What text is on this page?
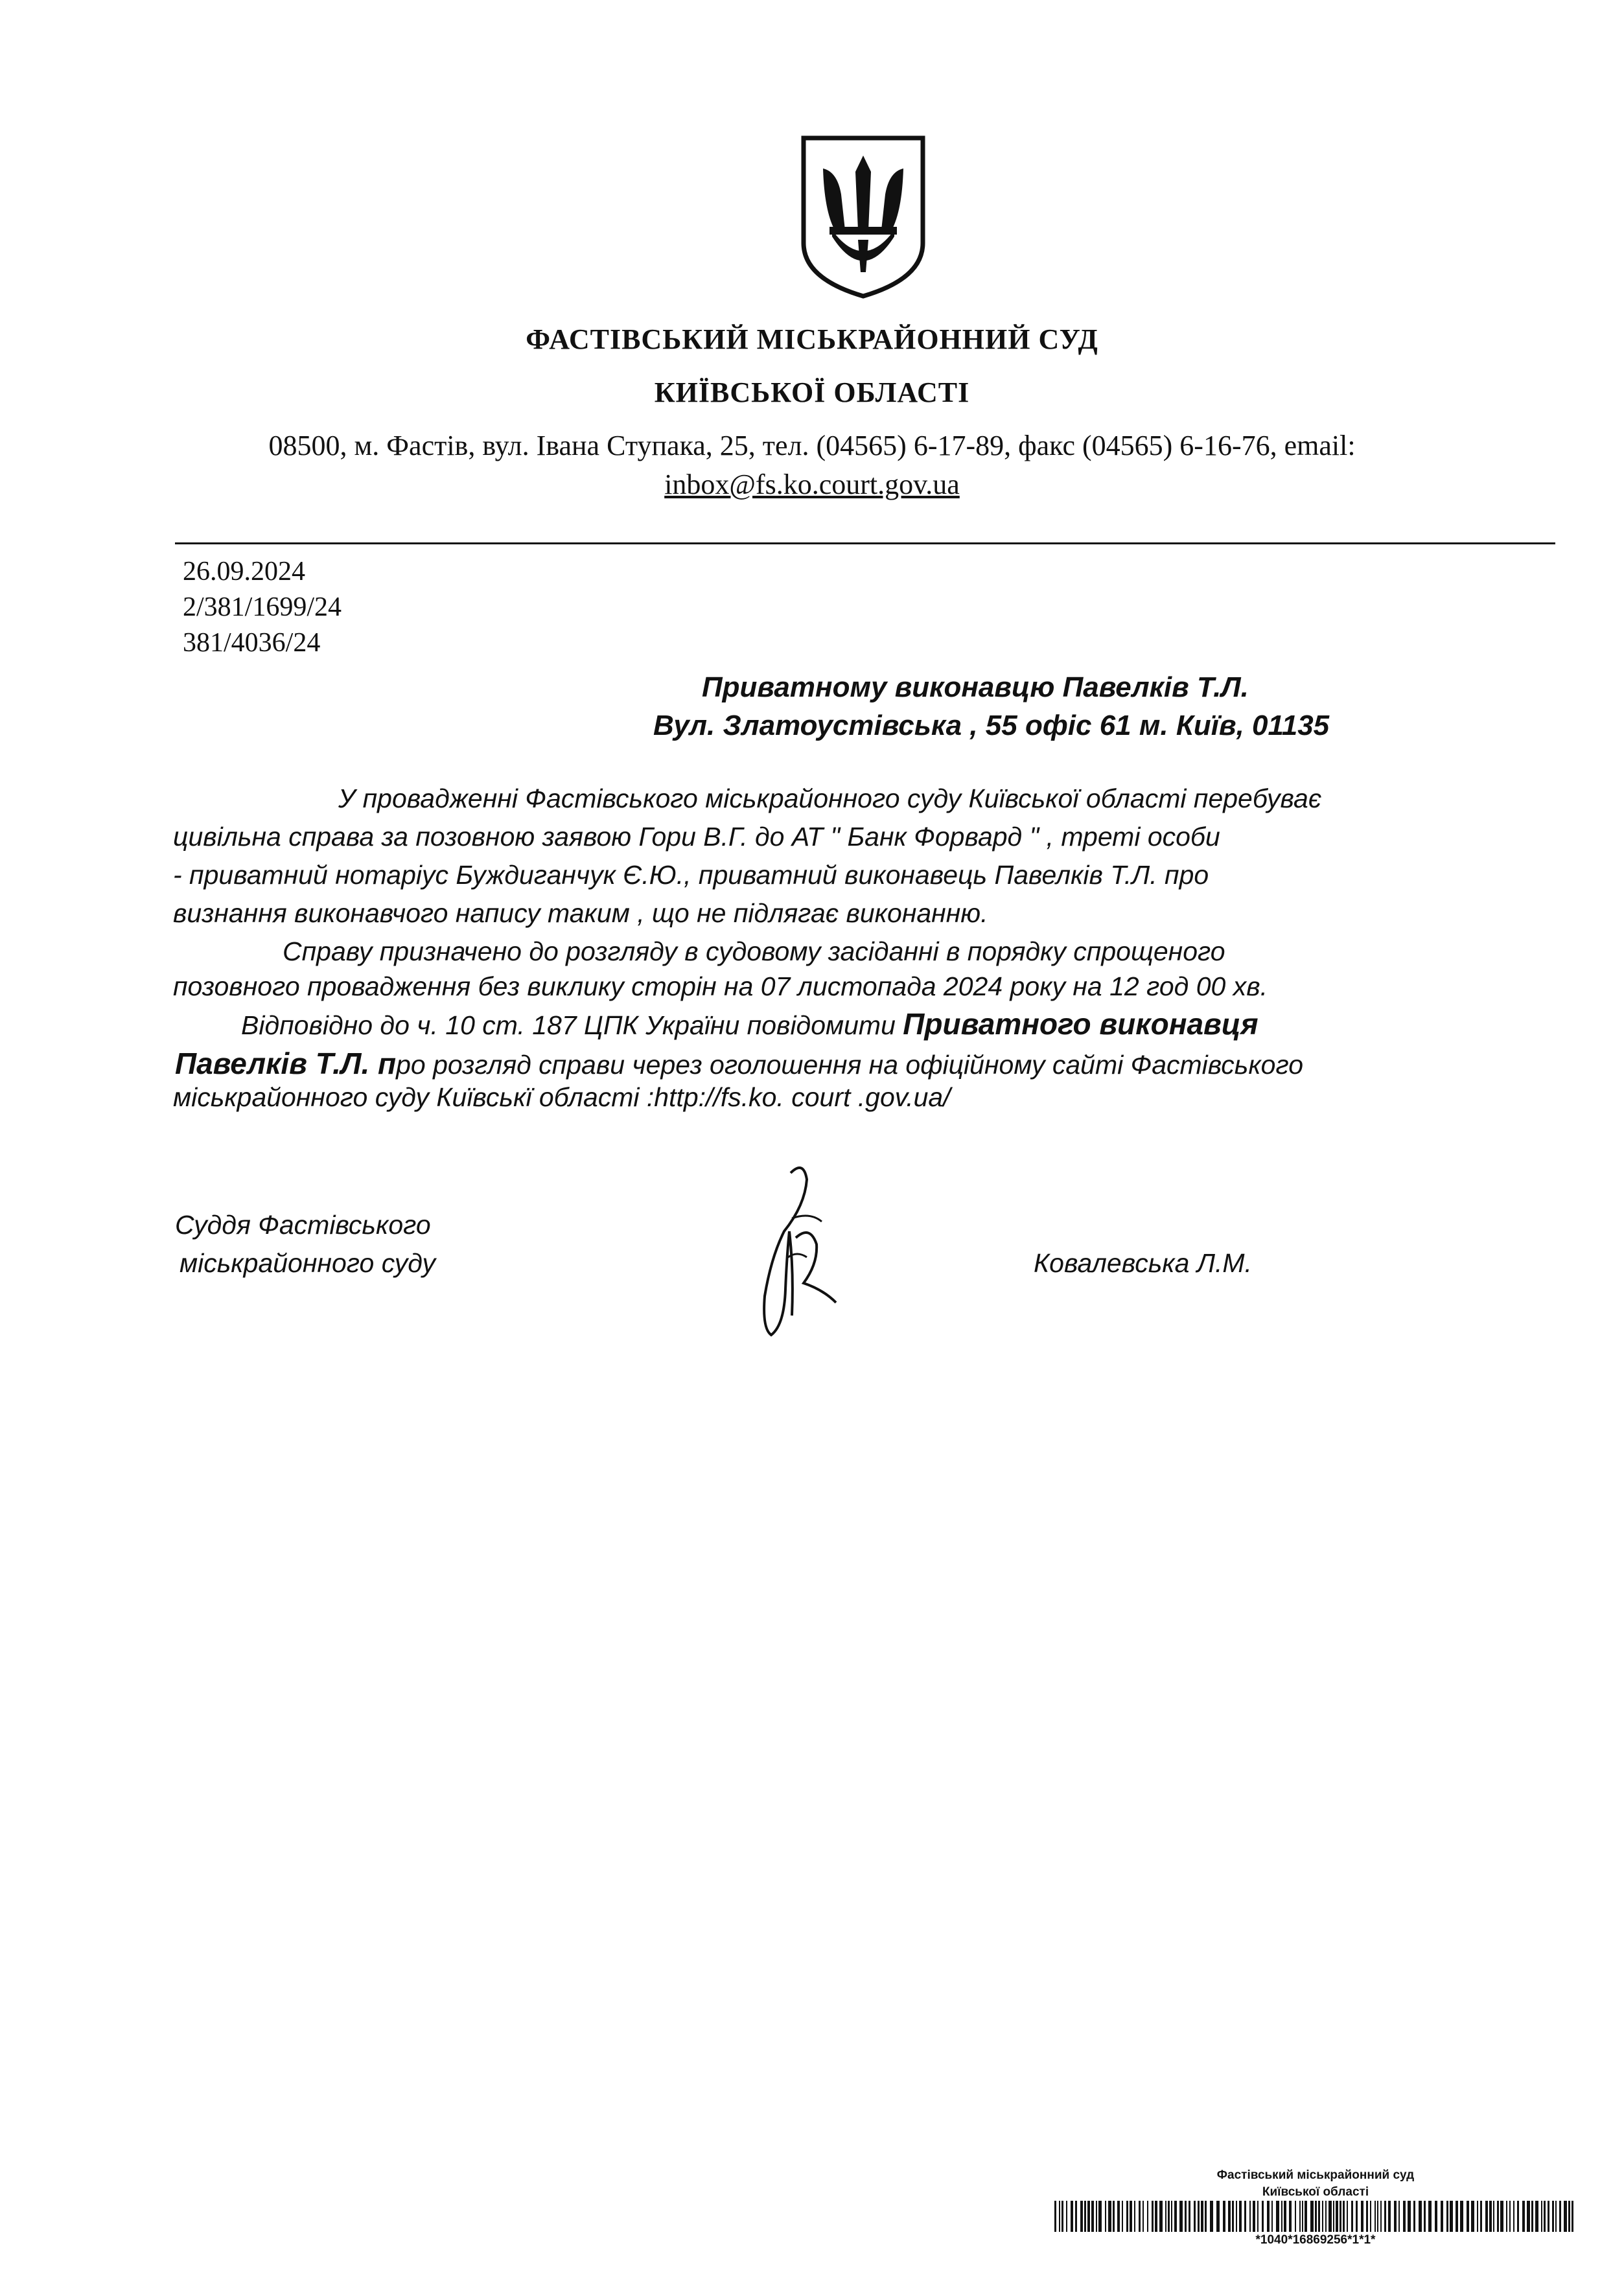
ФАСТІВСЬКИЙ МІСЬКРАЙОННИЙ СУД
КИЇВСЬКОЇ ОБЛАСТІ
08500, м. Фастів, вул. Івана Ступака, 25, тел. (04565) 6-17-89, факс (04565) 6-16-76, email:
inbox@fs.ko.court.gov.ua
26.09.2024
2/381/1699/24
381/4036/24
Приватному виконавцю Павелків Т.Л.
Вул. Златоустівська , 55 офіс 61 м. Київ, 01135
У провадженні Фастівського міськрайонного суду Київської області перебуває
цивільна справа за позовною заявою Гори В.Г. до АТ " Банк Форвард " , треті особи
- приватний нотаріус Буждиганчук Є.Ю., приватний виконавець Павелків Т.Л. про
визнання виконавчого напису таким , що не підлягає виконанню.
Справу призначено до розгляду в судовому засіданні в порядку спрощеного
позовного провадження без виклику сторін на 07 листопада 2024 року на 12 год 00 хв.
Відповідно до ч. 10 ст. 187 ЦПК України повідомити Приватного виконавця
Павелків Т.Л. про розгляд справи через оголошення на офіційному сайті Фастівського
міськрайонного суду Київськї області :http://fs.ko. court .gov.ua/
Суддя Фастівського
міськрайонного суду	Ковалевська Л.М.
Фастівський міськрайонний суд
Київської області
*1040*16869256*1*1*
